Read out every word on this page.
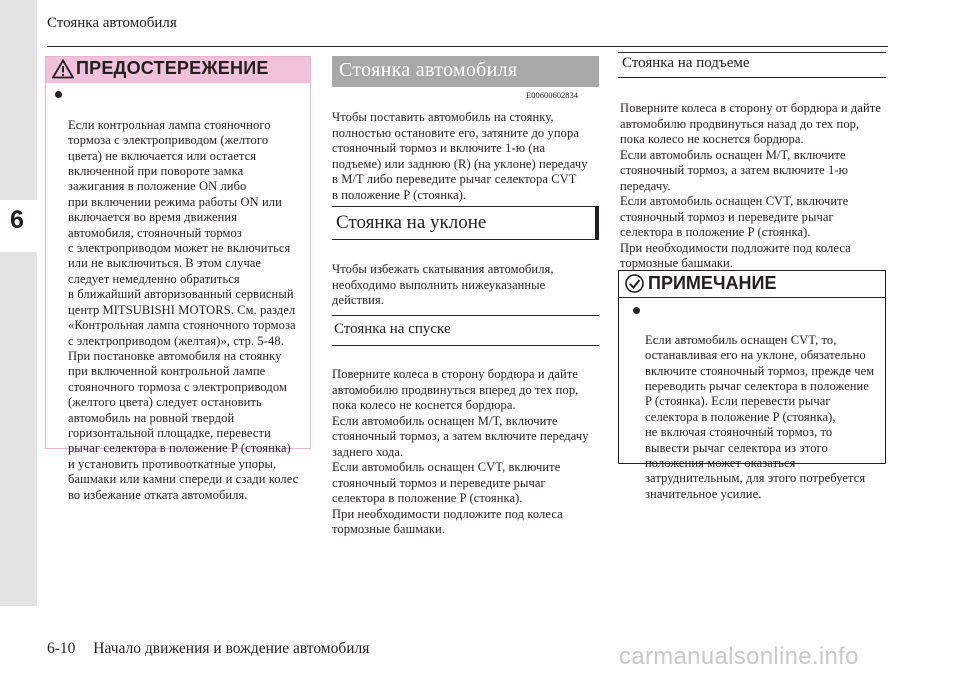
6
Стоянка автомобиля
ПРЕДОСТЕРЕЖЕНИЕ

Если контрольная лампа стояночного
тормоза с электроприводом (желтого
цвета) не включается или остается
включенной при повороте замка
зажигания в положение ON либо
при включении режима работы ON или
включается во время движения
автомобиля, стояночный тормоз
с электроприводом может не включиться
или не выключиться. В этом случае
следует немедленно обратиться
в ближайший авторизованный сервисный
центр MITSUBISHI MOTORS. См. раздел
«Контрольная лампа стояночного тормоза
с электроприводом (желтая)», стр. 5-48.
При постановке автомобиля на стоянку
при включенной контрольной лампе
стояночного тормоза с электроприводом
(желтого цвета) следует остановить
автомобиль на ровной твердой
горизонтальной площадке, перевести
рычаг селектора в положение P (стоянка)
и установить противооткатные упоры,
башмаки или камни спереди и сзади колес
во избежание отката автомобиля.

Стоянка автомобиля
E00600602834
Чтобы поставить автомобиль на стоянку,
полностью остановите его, затяните до упора
стояночный тормоз и включите 1-ю (на
подъеме) или заднюю (R) (на уклоне) передачу
в M/T либо переведите рычаг селектора CVT
в положение P (стоянка).
Стоянка на уклоне
Чтобы избежать скатывания автомобиля,
необходимо выполнить нижеуказанные
действия.
Стоянка на спуске
Поверните колеса в сторону бордюра и дайте
автомобилю продвинуться вперед до тех пор,
пока колесо не коснется бордюра.
Если автомобиль оснащен M/T, включите
стояночный тормоз, а затем включите передачу
заднего хода.
Если автомобиль оснащен CVT, включите
стояночный тормоз и переведите рычаг
селектора в положение P (стоянка).
При необходимости подложите под колеса
тормозные башмаки.
Стоянка на подъеме
Поверните колеса в сторону от бордюра и дайте
автомобилю продвинуться назад до тех пор,
пока колесо не коснется бордюра.
Если автомобиль оснащен M/T, включите
стояночный тормоз, а затем включите 1-ю
передачу.
Если автомобиль оснащен CVT, включите
стояночный тормоз и переведите рычаг
селектора в положение P (стоянка).
При необходимости подложите под колеса
тормозные башмаки.
ПРИМЕЧАНИЕ

Если автомобиль оснащен CVT, то,
останавливая его на уклоне, обязательно
включите стояночный тормоз, прежде чем
переводить рычаг селектора в положение
P (стоянка). Если перевести рычаг
селектора в положение P (стоянка),
не включая стояночный тормоз, то
вывести рычаг селектора из этого
положения может оказаться
затруднительным, для этого потребуется
значительное усилие.

6-10 Начало движения и вождение автомобиля	carmanualsonline.info
